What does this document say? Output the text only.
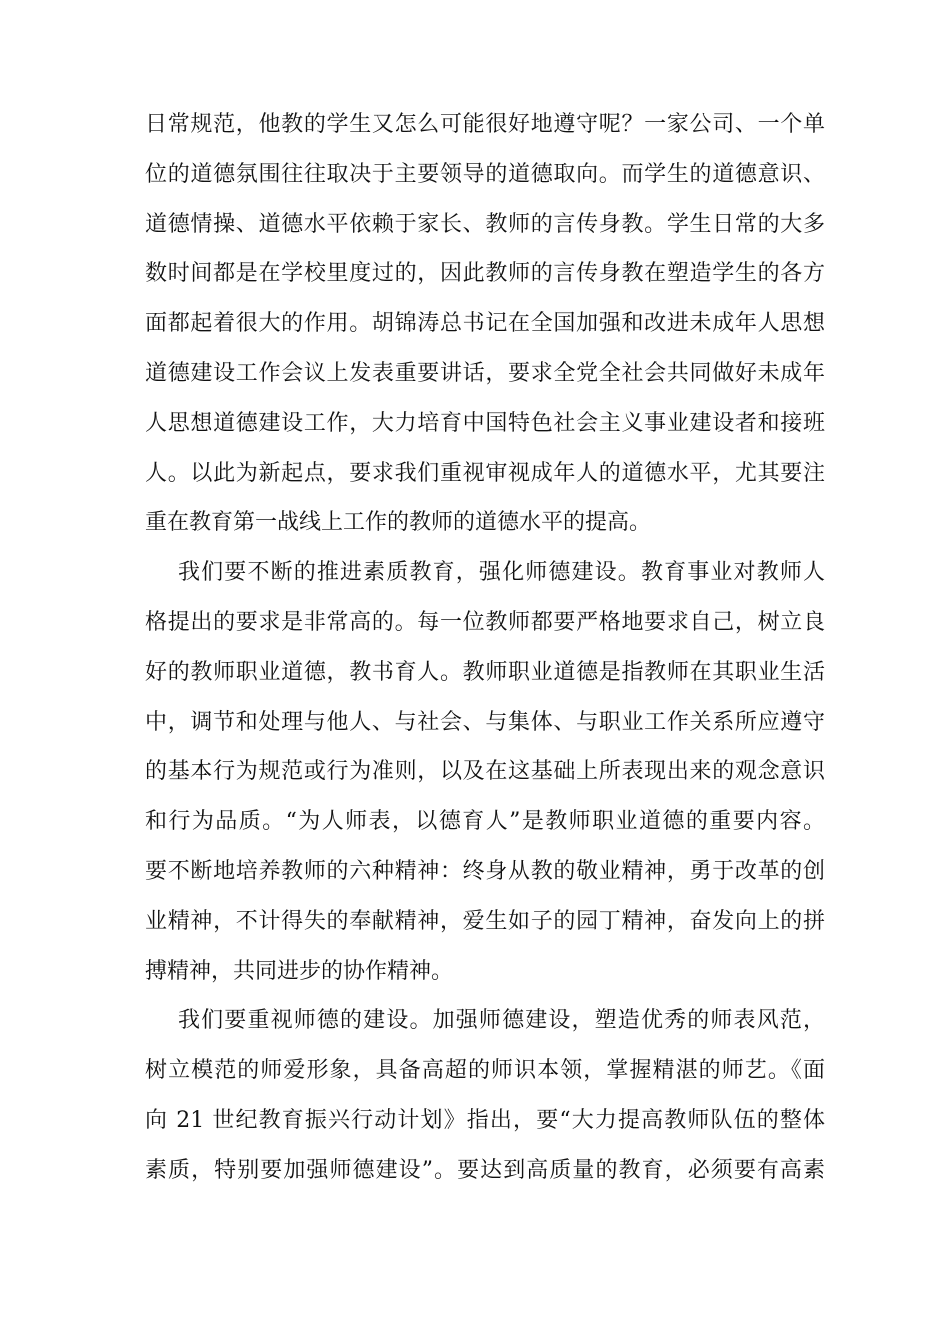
日常规范，他教的学生又怎么可能很好地遵守呢？一家公司、一个单
位的道德氛围往往取决于主要领导的道德取向。而学生的道德意识、
道德情操、道德水平依赖于家长、教师的言传身教。学生日常的大多
数时间都是在学校里度过的，因此教师的言传身教在塑造学生的各方
面都起着很大的作用。胡锦涛总书记在全国加强和改进未成年人思想
道德建设工作会议上发表重要讲话，要求全党全社会共同做好未成年
人思想道德建设工作，大力培育中国特色社会主义事业建设者和接班
人。以此为新起点，要求我们重视审视成年人的道德水平，尤其要注
重在教育第一战线上工作的教师的道德水平的提高。
我们要不断的推进素质教育，强化师德建设。教育事业对教师人
格提出的要求是非常高的。每一位教师都要严格地要求自己，树立良
好的教师职业道德，教书育人。教师职业道德是指教师在其职业生活
中，调节和处理与他人、与社会、与集体、与职业工作关系所应遵守
的基本行为规范或行为准则，以及在这基础上所表现出来的观念意识
和行为品质。“为人师表，以德育人”是教师职业道德的重要内容。
要不断地培养教师的六种精神：终身从教的敬业精神，勇于改革的创
业精神，不计得失的奉献精神，爱生如子的园丁精神，奋发向上的拼
搏精神，共同进步的协作精神。
我们要重视师德的建设。加强师德建设，塑造优秀的师表风范，
树立模范的师爱形象，具备高超的师识本领，掌握精湛的师艺。《面
向 21 世纪教育振兴行动计划》指出，要“大力提高教师队伍的整体
素质，特别要加强师德建设”。要达到高质量的教育，必须要有高素
